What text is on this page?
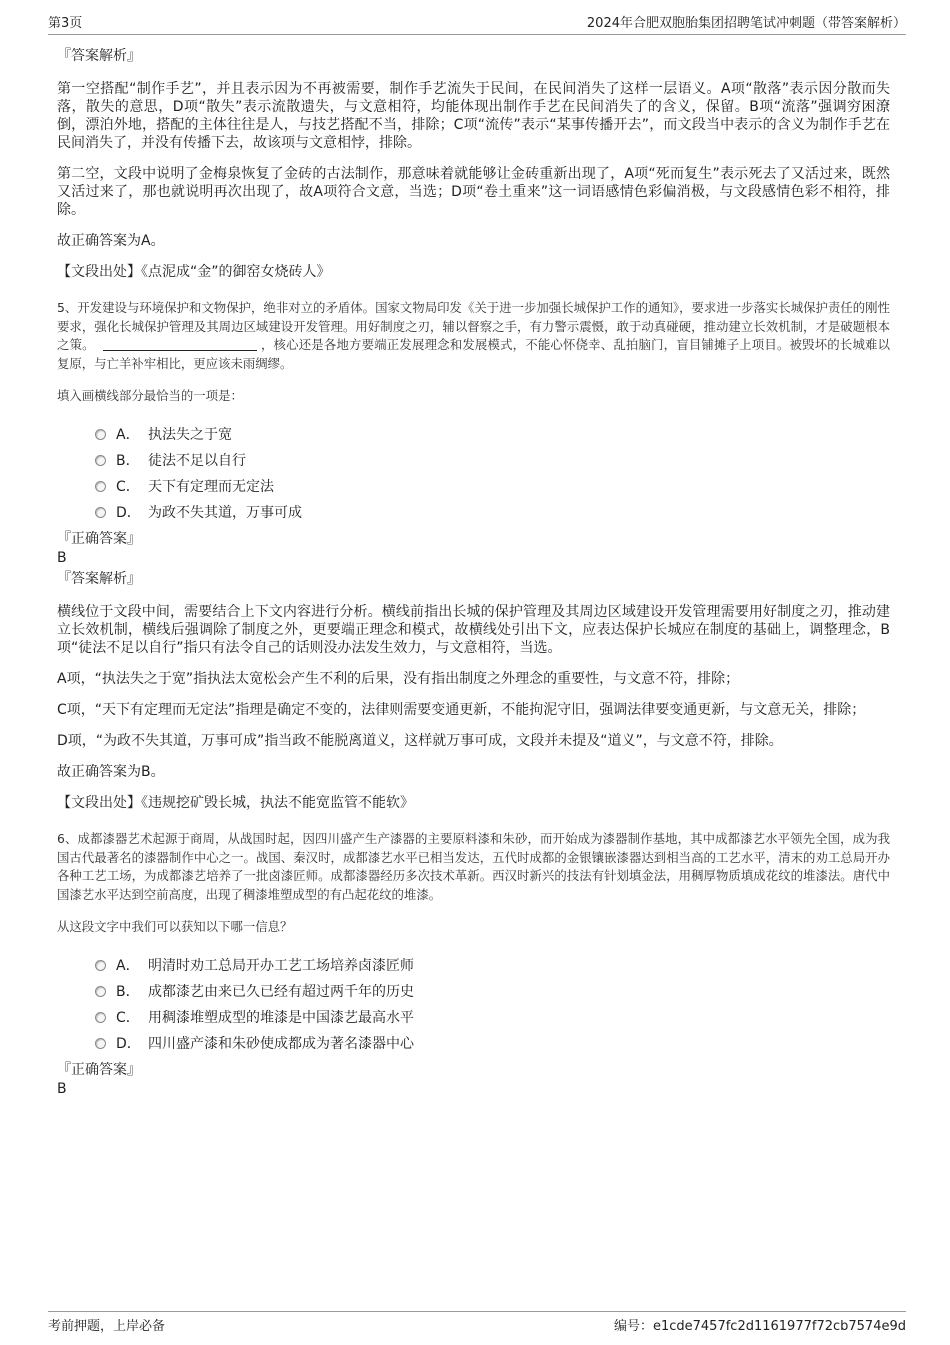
第3页	2024年合肥双胞胎集团招聘笔试冲刺题（带答案解析）
『答案解析』

第一空搭配“制作手艺”，并且表示因为不再被需要，制作手艺流失于民间，在民间消失了这样一层语义。A项“散落”表示因分散而失落，散失的意思，D项“散失”表示流散遗失，与文意相符，均能体现出制作手艺在民间消失了的含义，保留。B项“流落”强调穷困潦倒，漂泊外地，搭配的主体往往是人，与技艺搭配不当，排除；C项“流传”表示“某事传播开去”，而文段当中表示的含义为制作手艺在民间消失了，并没有传播下去，故该项与文意相悖，排除。

第二空，文段中说明了金梅泉恢复了金砖的古法制作，那意味着就能够让金砖重新出现了，A项“死而复生”表示死去了又活过来，既然又活过来了，那也就说明再次出现了，故A项符合文意，当选；D项“卷土重来”这一词语感情色彩偏消极，与文段感情色彩不相符，排除。

故正确答案为A。

【文段出处】《点泥成“金”的御窑女烧砖人》

5、开发建设与环境保护和文物保护，绝非对立的矛盾体。国家文物局印发《关于进一步加强长城保护工作的通知》，要求进一步落实长城保护责任的刚性要求，强化长城保护管理及其周边区域建设开发管理。用好制度之刃，辅以督察之手，有力警示震慑，敢于动真碰硬，推动建立长效机制，才是破题根本之策。	，核心还是各地方要端正发展理念和发展模式，不能心怀侥幸、乱拍脑门，盲目铺摊子上项目。被毁坏的长城难以复原，与亡羊补牢相比，更应该未雨绸缪。

填入画横线部分最恰当的一项是：

A． 执法失之于宽
B． 徒法不足以自行
C． 天下有定理而无定法
D． 为政不失其道，万事可成
『正确答案』
B
『答案解析』

横线位于文段中间，需要结合上下文内容进行分析。横线前指出长城的保护管理及其周边区域建设开发管理需要用好制度之刃，推动建立长效机制，横线后强调除了制度之外，更要端正理念和模式，故横线处引出下文，应表达保护长城应在制度的基础上，调整理念，B项“徒法不足以自行”指只有法令自己的话则没办法发生效力，与文意相符，当选。

A项，“执法失之于宽”指执法太宽松会产生不利的后果，没有指出制度之外理念的重要性，与文意不符，排除；

C项，“天下有定理而无定法”指理是确定不变的，法律则需要变通更新，不能拘泥守旧，强调法律要变通更新，与文意无关，排除；

D项，“为政不失其道，万事可成”指当政不能脱离道义，这样就万事可成，文段并未提及“道义”，与文意不符，排除。

故正确答案为B。

【文段出处】《违规挖矿毁长城，执法不能宽监管不能软》

6、成都漆器艺术起源于商周，从战国时起，因四川盛产生产漆器的主要原料漆和朱砂，而开始成为漆器制作基地，其中成都漆艺水平领先全国，成为我国古代最著名的漆器制作中心之一。战国、秦汉时，成都漆艺水平已相当发达，五代时成都的金银镶嵌漆器达到相当高的工艺水平，清末的劝工总局开办各种工艺工场，为成都漆艺培养了一批卤漆匠师。成都漆器经历多次技术革新。西汉时新兴的技法有针划填金法，用稠厚物质填成花纹的堆漆法。唐代中国漆艺水平达到空前高度，出现了稠漆堆塑成型的有凸起花纹的堆漆。

从这段文字中我们可以获知以下哪一信息？

A． 明清时劝工总局开办工艺工场培养卤漆匠师
B． 成都漆艺由来已久已经有超过两千年的历史
C． 用稠漆堆塑成型的堆漆是中国漆艺最高水平
D． 四川盛产漆和朱砂使成都成为著名漆器中心
『正确答案』
B
考前押题，上岸必备	编号：e1cde7457fc2d1161977f72cb7574e9d
